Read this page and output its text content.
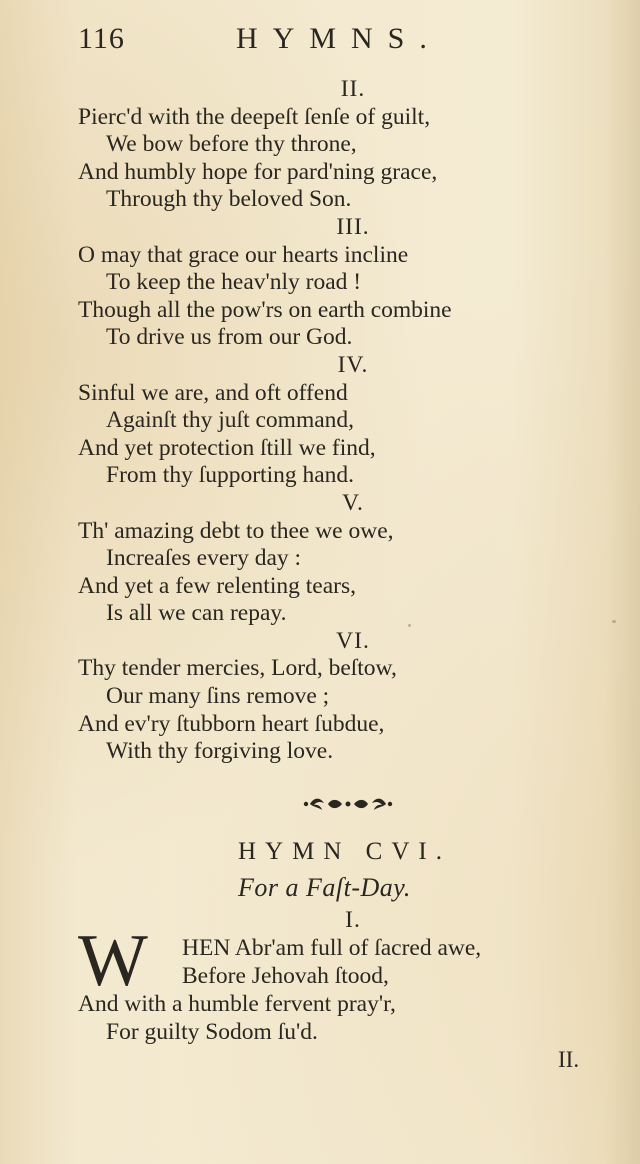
116	HYMNS.
II.
Pierc'd with the deepeſt ſenſe of guilt,
We bow before thy throne,
And humbly hope for pard'ning grace,
Through thy beloved Son.
III.
O may that grace our hearts incline
To keep the heav'nly road !
Though all the pow'rs on earth combine
To drive us from our God.
IV.
Sinful we are, and oft offend
Againſt thy juſt command,
And yet protection ſtill we find,
From thy ſupporting hand.
V.
Th' amazing debt to thee we owe,
Increaſes every day :
And yet a few relenting tears,
Is all we can repay.
VI.
Thy tender mercies, Lord, beſtow,
Our many ſins remove ;
And ev'ry ſtubborn heart ſubdue,
With thy forgiving love.
HYMN CVI.
For a Faſt-Day.
I.
HEN Abr'am full of ſacred awe,
Before Jehovah ſtood,
And with a humble fervent pray'r,
For guilty Sodom ſu'd.
W
II.
